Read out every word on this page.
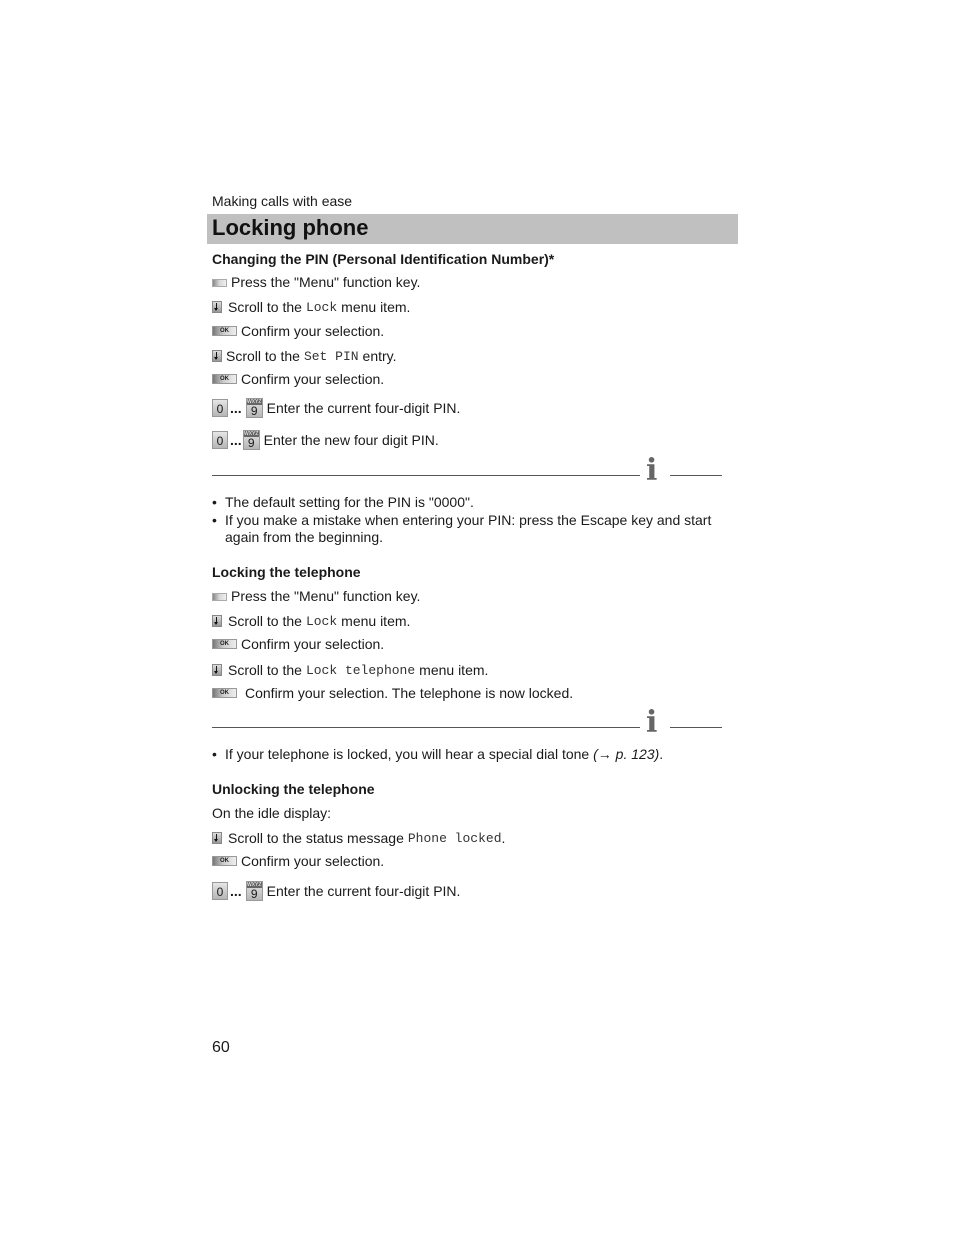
Making calls with ease
Locking phone
Changing the PIN (Personal Identification Number)*
Press the "Menu" function key.
Scroll to the Lock menu item.
OK Confirm your selection.
Scroll to the Set PIN entry.
OK Confirm your selection.
0 ... WXYZ
9 Enter the current four-digit PIN.
0 ... WXYZ
9 Enter the new four digit PIN.
i
• The default setting for the PIN is "0000".
• If you make a mistake when entering your PIN: press the Escape key and start again from the beginning.
Locking the telephone
Press the "Menu" function key.
Scroll to the Lock menu item.
OK Confirm your selection.
Scroll to the Lock telephone menu item.
OK	Confirm your selection. The telephone is now locked.
i
• If your telephone is locked, you will hear a special dial tone (→ p. 123).
Unlocking the telephone
On the idle display:
Scroll to the status message Phone locked .
OK Confirm your selection.
0 ... WXYZ
9 Enter the current four-digit PIN.
60
